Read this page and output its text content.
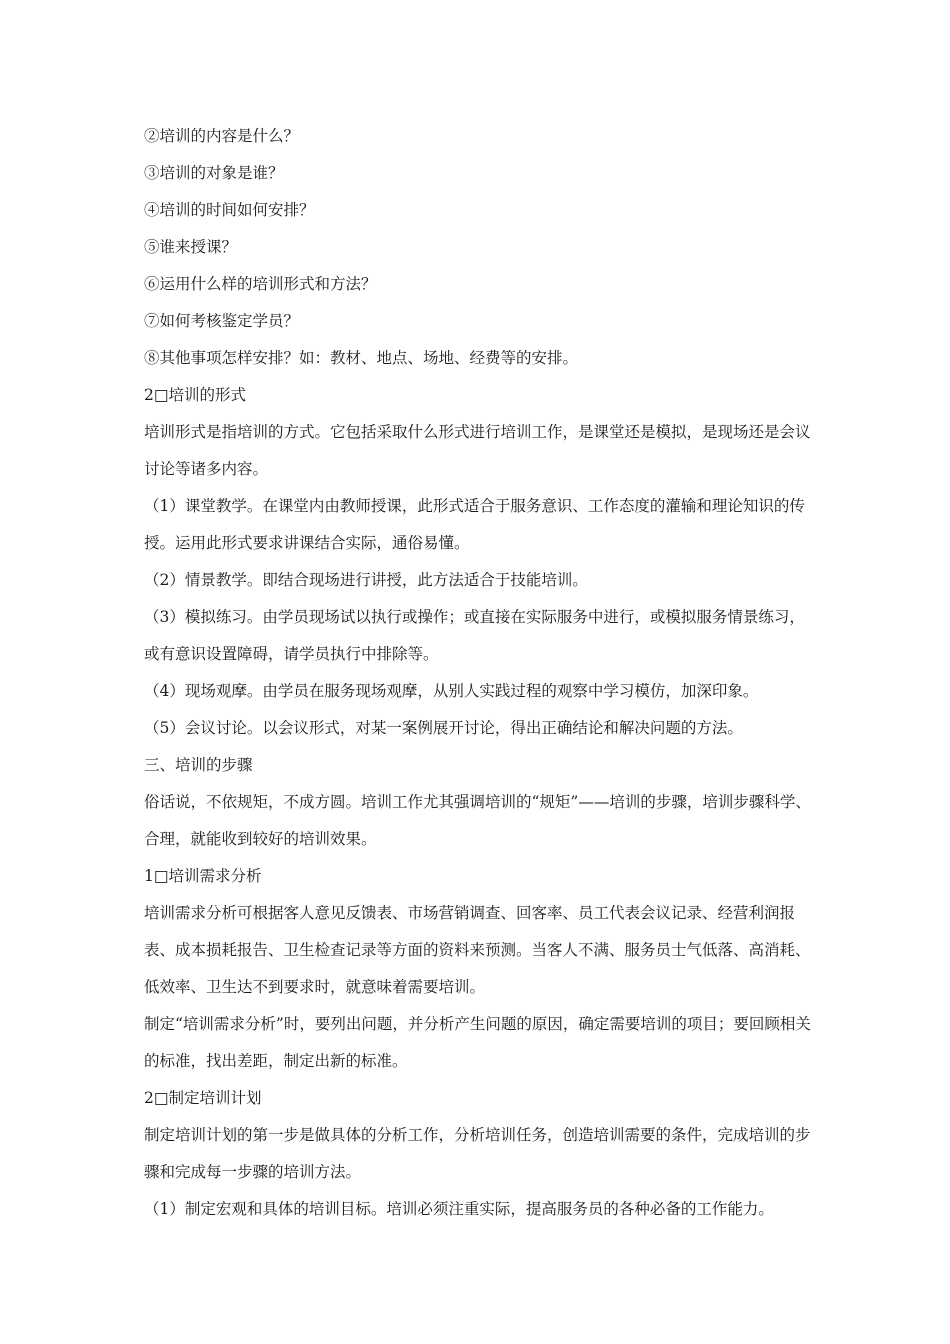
②培训的内容是什么？

③培训的对象是谁？

④培训的时间如何安排？

⑤谁来授课？

⑥运用什么样的培训形式和方法？

⑦如何考核鉴定学员？

⑧其他事项怎样安排？如：教材、地点、场地、经费等的安排。

2□培训的形式

培训形式是指培训的方式。它包括采取什么形式进行培训工作，是课堂还是模拟，是现场还是会议讨论等诸多内容。

（1）课堂教学。在课堂内由教师授课，此形式适合于服务意识、工作态度的灌输和理论知识的传授。运用此形式要求讲课结合实际，通俗易懂。

（2）情景教学。即结合现场进行讲授，此方法适合于技能培训。

（3）模拟练习。由学员现场试以执行或操作；或直接在实际服务中进行，或模拟服务情景练习，或有意识设置障碍，请学员执行中排除等。

（4）现场观摩。由学员在服务现场观摩，从别人实践过程的观察中学习模仿，加深印象。

（5）会议讨论。以会议形式，对某一案例展开讨论，得出正确结论和解决问题的方法。

三、培训的步骤

俗话说，不依规矩，不成方圆。培训工作尤其强调培训的“规矩”——培训的步骤，培训步骤科学、合理，就能收到较好的培训效果。

1□培训需求分析

培训需求分析可根据客人意见反馈表、市场营销调查、回客率、员工代表会议记录、经营利润报表、成本损耗报告、卫生检查记录等方面的资料来预测。当客人不满、服务员士气低落、高消耗、低效率、卫生达不到要求时，就意味着需要培训。

制定“培训需求分析”时，要列出问题，并分析产生问题的原因，确定需要培训的项目；要回顾相关的标准，找出差距，制定出新的标准。

2□制定培训计划

制定培训计划的第一步是做具体的分析工作，分析培训任务，创造培训需要的条件，完成培训的步骤和完成每一步骤的培训方法。

（1）制定宏观和具体的培训目标。培训必须注重实际，提高服务员的各种必备的工作能力。
